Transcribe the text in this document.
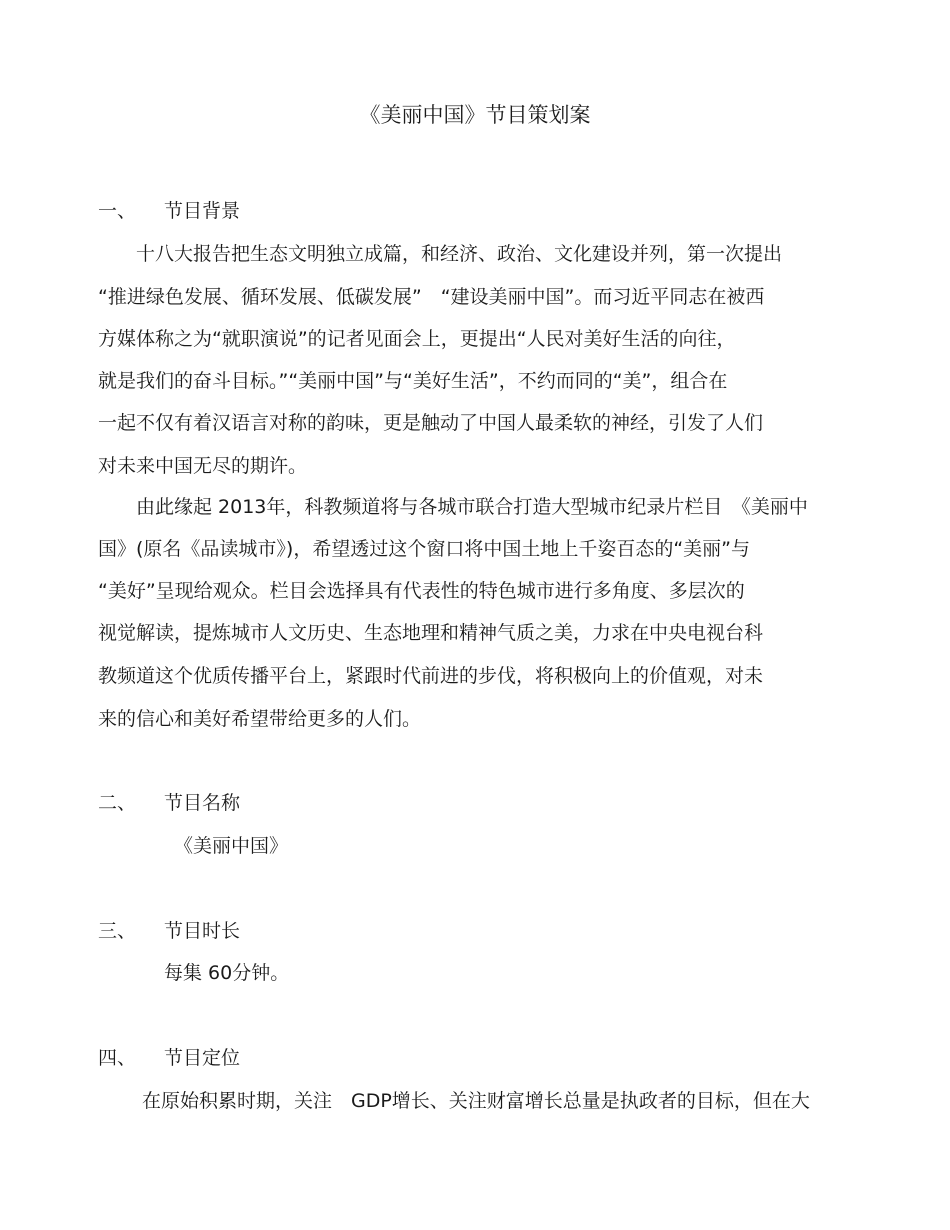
《美丽中国》节目策划案
一、 节目背景
十八大报告把生态文明独立成篇，和经济、政治、文化建设并列，第一次提出
“推进绿色发展、循环发展、低碳发展”　“建设美丽中国”。而习近平同志在被西
方媒体称之为“就职演说”的记者见面会上，更提出“人民对美好生活的向往，
就是我们的奋斗目标。”“美丽中国”与“美好生活”，不约而同的“美”，组合在
一起不仅有着汉语言对称的韵味，更是触动了中国人最柔软的神经，引发了人们
对未来中国无尽的期许。
由此缘起 2013年，科教频道将与各城市联合打造大型城市纪录片栏目　《美丽中
国》(原名《品读城市》)，希望透过这个窗口将中国土地上千姿百态的“美丽”与
“美好”呈现给观众。栏目会选择具有代表性的特色城市进行多角度、多层次的
视觉解读，提炼城市人文历史、生态地理和精神气质之美，力求在中央电视台科
教频道这个优质传播平台上，紧跟时代前进的步伐，将积极向上的价值观，对未
来的信心和美好希望带给更多的人们。
二、 节目名称
《美丽中国》
三、 节目时长
每集 60分钟。
四、 节目定位
在原始积累时期，关注　GDP增长、关注财富增长总量是执政者的目标，但在大
